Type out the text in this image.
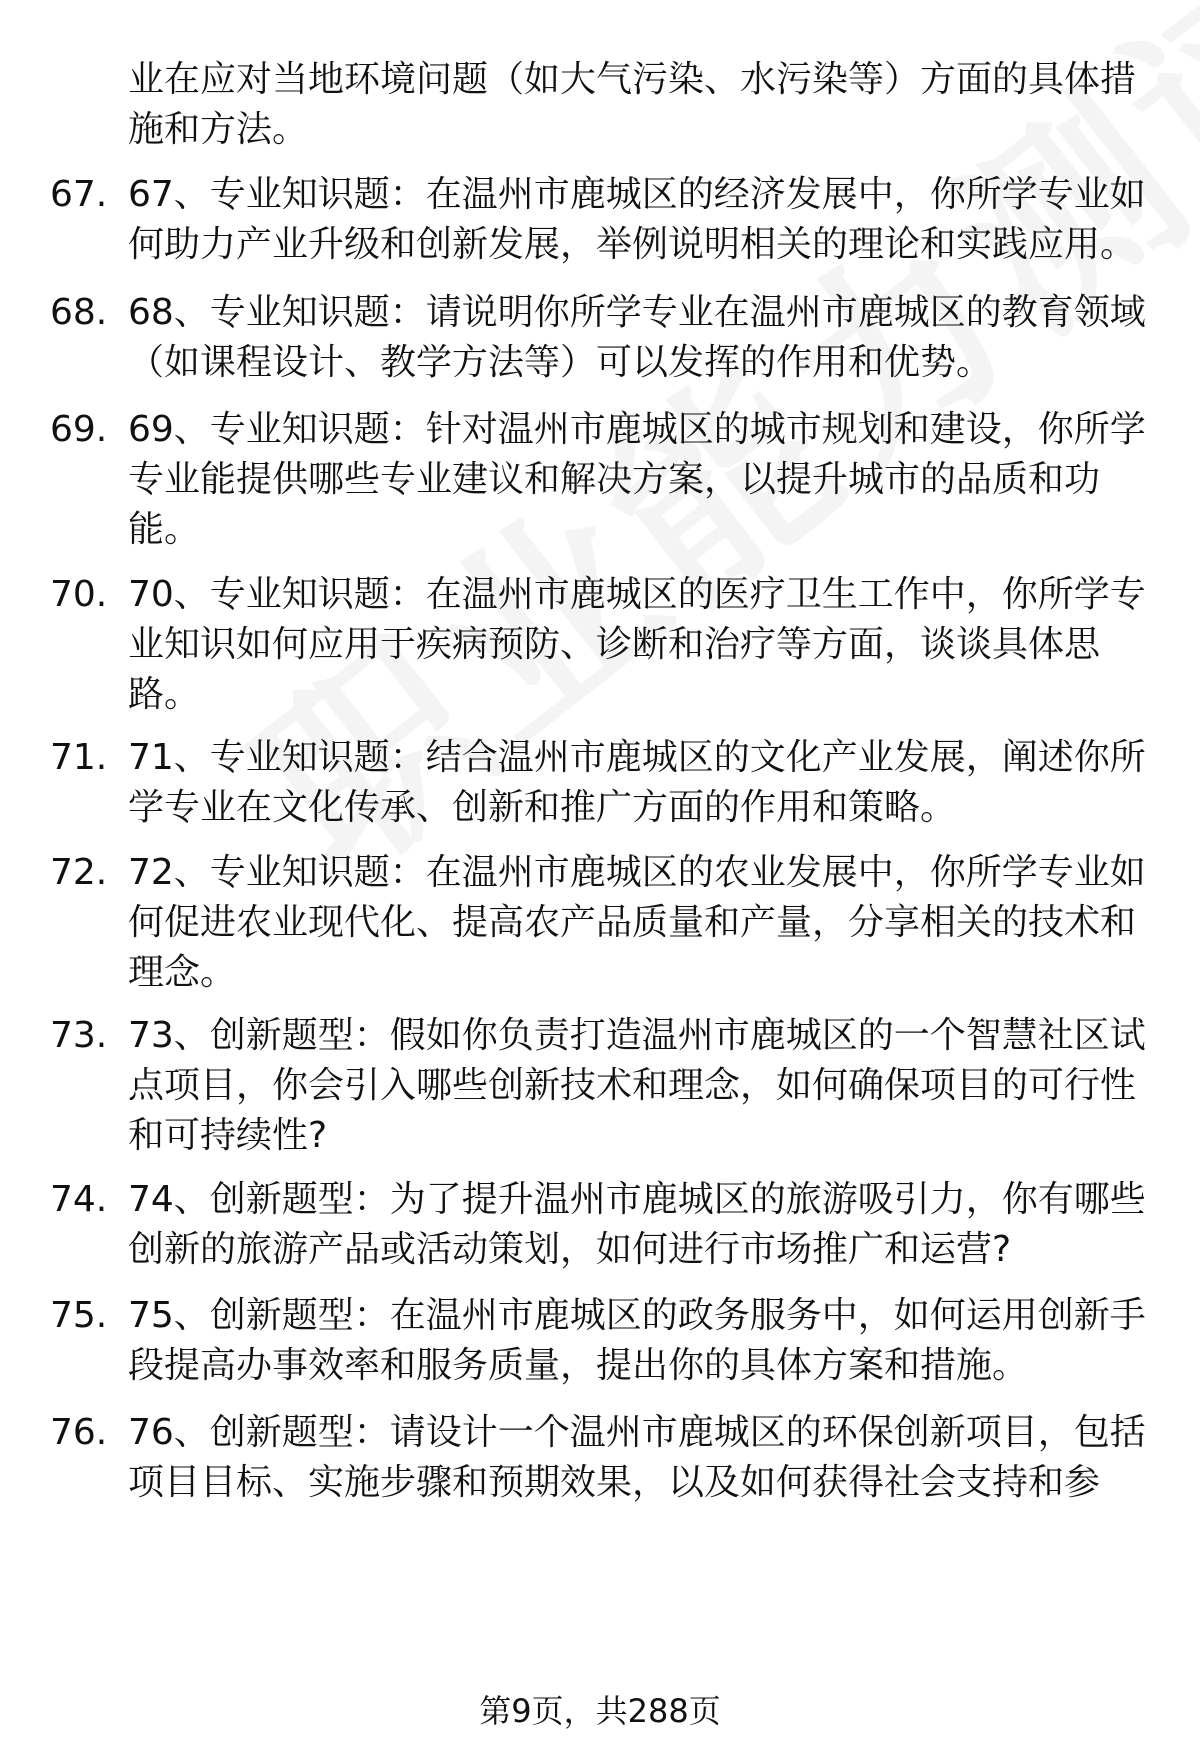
业在应对当地环境问题（如大气污染、水污染等）方面的具体措
施和方法。
67. 67、专业知识题：在温州市鹿城区的经济发展中，你所学专业如
何助力产业升级和创新发展，举例说明相关的理论和实践应用。
68. 68、专业知识题：请说明你所学专业在温州市鹿城区的教育领域
（如课程设计、教学方法等）可以发挥的作用和优势。
69. 69、专业知识题：针对温州市鹿城区的城市规划和建设，你所学
专业能提供哪些专业建议和解决方案，以提升城市的品质和功
能。
70. 70、专业知识题：在温州市鹿城区的医疗卫生工作中，你所学专
业知识如何应用于疾病预防、诊断和治疗等方面，谈谈具体思
路。
71. 71、专业知识题：结合温州市鹿城区的文化产业发展，阐述你所
学专业在文化传承、创新和推广方面的作用和策略。
72. 72、专业知识题：在温州市鹿城区的农业发展中，你所学专业如
何促进农业现代化、提高农产品质量和产量，分享相关的技术和
理念。
73. 73、创新题型：假如你负责打造温州市鹿城区的一个智慧社区试
点项目，你会引入哪些创新技术和理念，如何确保项目的可行性
和可持续性?
74. 74、创新题型：为了提升温州市鹿城区的旅游吸引力，你有哪些
创新的旅游产品或活动策划，如何进行市场推广和运营?
75. 75、创新题型：在温州市鹿城区的政务服务中，如何运用创新手
段提高办事效率和服务质量，提出你的具体方案和措施。
76. 76、创新题型：请设计一个温州市鹿城区的环保创新项目，包括
项目目标、实施步骤和预期效果，以及如何获得社会支持和参
第9页，共288页
